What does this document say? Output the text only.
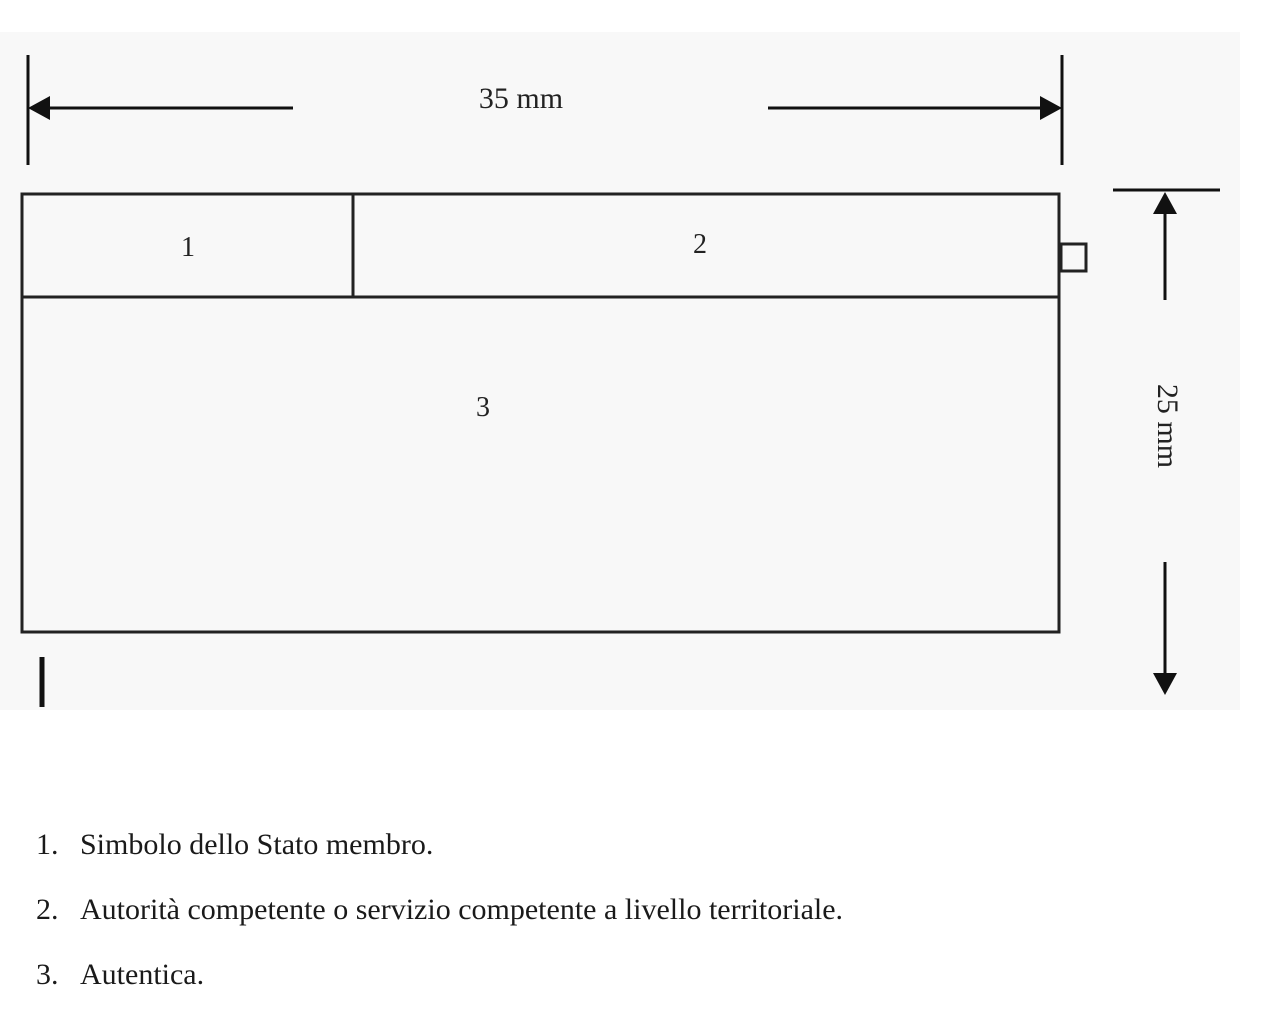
35 mm
1	2
3	25 mm
1. Simbolo dello Stato membro.
2. Autorità competente o servizio competente a livello territoriale.
3. Autentica.
